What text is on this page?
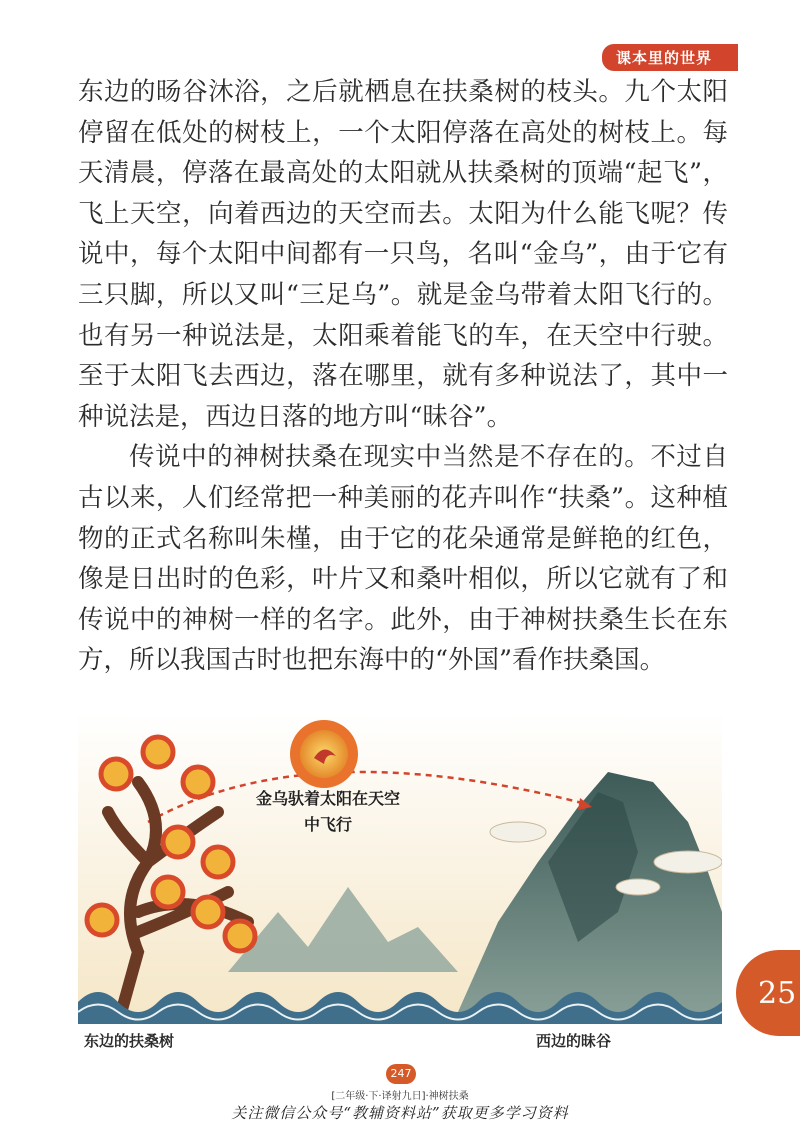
课本里的世界

东边的旸谷沐浴，之后就栖息在扶桑树的枝头。九个太阳停留在低处的树枝上，一个太阳停落在高处的树枝上。每天清晨，停落在最高处的太阳就从扶桑树的顶端“起飞”，飞上天空，向着西边的天空而去。太阳为什么能飞呢？传说中，每个太阳中间都有一只鸟，名叫“金乌”，由于它有三只脚，所以又叫“三足乌”。就是金乌带着太阳飞行的。也有另一种说法是，太阳乘着能飞的车，在天空中行驶。至于太阳飞去西边，落在哪里，就有多种说法了，其中一种说法是，西边日落的地方叫“昧谷”。

传说中的神树扶桑在现实中当然是不存在的。不过自古以来，人们经常把一种美丽的花卉叫作“扶桑”。这种植物的正式名称叫朱槿，由于它的花朵通常是鲜艳的红色，像是日出时的色彩，叶片又和桑叶相似，所以它就有了和传说中的神树一样的名字。此外，由于神树扶桑生长在东方，所以我国古时也把东海中的“外国”看作扶桑国。

金乌驮着太阳在天空
中飞行
东边的扶桑树	西边的昧谷
25
247
[二年级·下·译射九日]·神树扶桑
关注微信公众号“教辅资料站”获取更多学习资料
